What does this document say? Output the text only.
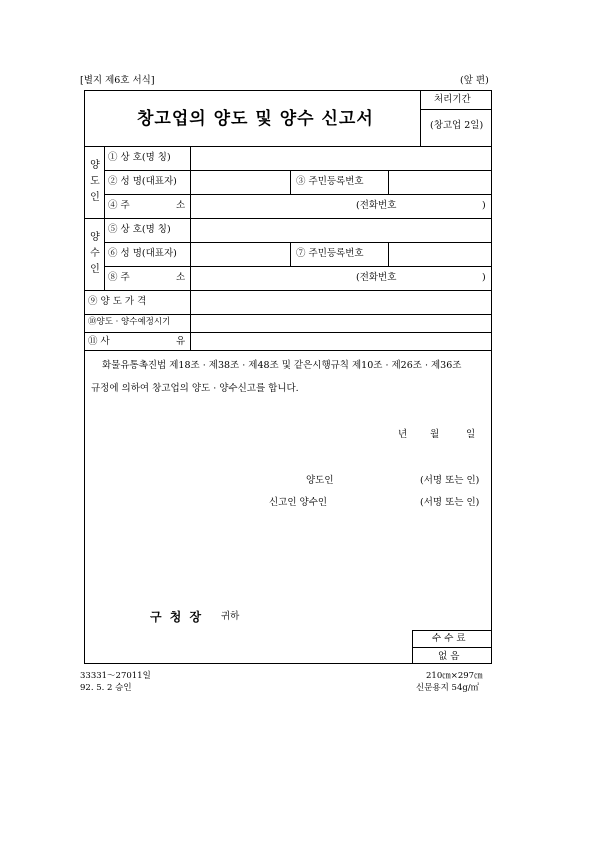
[별지 제6호 서식]	(앞 편)
창고업의 양도 및 양수 신고서
처리기간
(창고업 2일)
양
도
인
① 상 호(명 칭)
② 성 명(대표자)	③ 주민등록번호
④ 주	소	(전화번호	)
양
수
인
⑤ 상 호(명 칭)
⑥ 성 명(대표자)	⑦ 주민등록번호
⑧ 주	소	(전화번호	)
⑨ 양 도 가 격
⑩양도 · 양수예정시기
⑪ 사	유
화물유통촉진법 제18조 · 제38조 · 제48조 및 같은시행규칙 제10조 · 제26조 · 제36조
규정에 의하여 창고업의 양도 · 양수신고를 합니다.
년 월	일
양도인	(서명 또는 인)
신고인 양수인	(서명 또는 인)
구 청 장 귀하
수 수 료
없 음
33331～27011일
92. 5. 2 승인
210㎝×297㎝
신문용지 54g/㎡
